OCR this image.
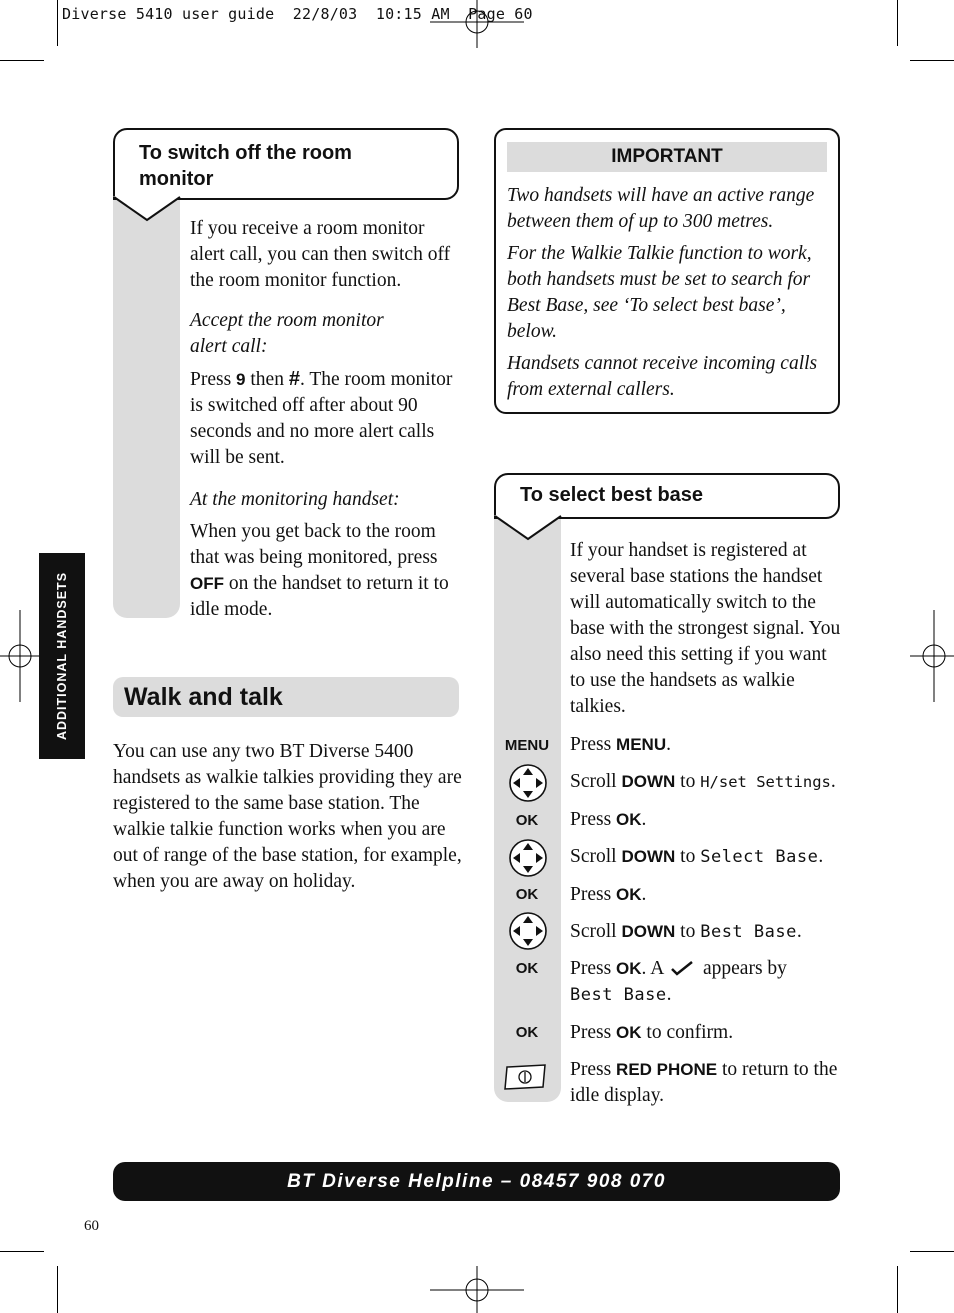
Diverse 5410 user guide  22/8/03  10:15 AM  Page 60
ADDITIONAL HANDSETS
To switch off the room monitor

If you receive a room monitor alert call, you can then switch off the room monitor function.

Accept the room monitor alert call:

Press 9 then #. The room monitor is switched off after about 90 seconds and no more alert calls will be sent.

At the monitoring handset:

When you get back to the room that was being monitored, press OFF on the handset to return it to idle mode.

Walk and talk

You can use any two BT Diverse 5400 handsets as walkie talkies providing they are registered to the same base station. The walkie talkie function works when you are out of range of the base station, for example, when you are away on holiday.

IMPORTANT

Two handsets will have an active range between them of up to 300 metres.

For the Walkie Talkie function to work, both handsets must be set to search for Best Base, see ‘To select best base’, below.

Handsets cannot receive incoming calls from external callers.

To select best base

If your handset is registered at several base stations the handset will automatically switch to the base with the strongest signal. You also need this setting if you want to use the handsets as walkie talkies.

MENU
OK
OK
OK
OK
Press MENU.
Scroll DOWN to H/set Settings.
Press OK.
Scroll DOWN to Select Base.
Press OK.
Scroll DOWN to Best Base.
Press OK. A  appears by
Best Base.
Press OK to confirm.
Press RED PHONE to return to the idle display.
BT Diverse Helpline – 08457 908 070
60
